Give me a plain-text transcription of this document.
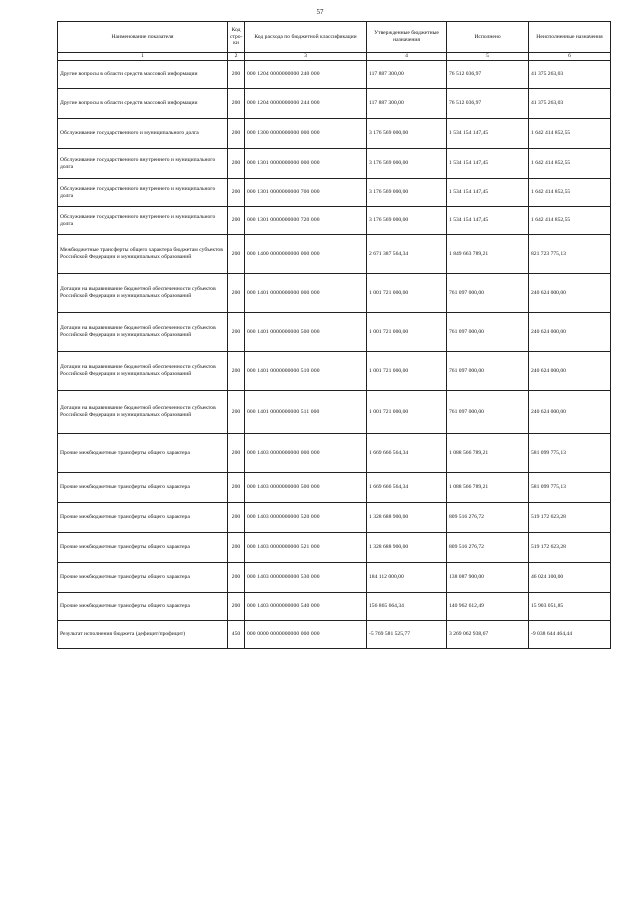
57
Наименование показателя	Код стро-ки	Код расхода по бюджетной классификации	Утвержденные бюджетные назначения	Исполнено	Неисполненные назначения
1	2	3	4	5	6
Другие вопросы в области средств массовой информации	200	000 1204 0000000000 240 000	117 887 300,00	76 512 036,97	41 375 263,03
Другие вопросы в области средств массовой информации	200	000 1204 0000000000 244 000	117 887 300,00	76 512 036,97	41 375 263,03
Обслуживание государственного и муниципального долга	200	000 1300 0000000000 000 000	3 176 569 000,00	1 534 154 147,45	1 642 414 852,55
Обслуживание государственного внутреннего и муниципального долга	200	000 1301 0000000000 000 000	3 176 569 000,00	1 534 154 147,45	1 642 414 852,55
Обслуживание государственного внутреннего и муниципального долга	200	000 1301 0000000000 700 000	3 176 569 000,00	1 534 154 147,45	1 642 414 852,55
Обслуживание государственного внутреннего и муниципального долга	200	000 1301 0000000000 720 000	3 176 569 000,00	1 534 154 147,45	1 642 414 852,55
Межбюджетные трансферты общего характера бюджетам субъектов Российской Федерации и муниципальных образований	200	000 1400 0000000000 000 000	2 671 387 564,34	1 849 663 789,21	821 723 775,13
Дотации на выравнивание бюджетной обеспеченности субъектов Российской Федерации и муниципальных образований	200	000 1401 0000000000 000 000	1 001 721 000,00	761 097 000,00	240 624 000,00
Дотации на выравнивание бюджетной обеспеченности субъектов Российской Федерации и муниципальных образований	200	000 1401 0000000000 500 000	1 001 721 000,00	761 097 000,00	240 624 000,00
Дотации на выравнивание бюджетной обеспеченности субъектов Российской Федерации и муниципальных образований	200	000 1401 0000000000 510 000	1 001 721 000,00	761 097 000,00	240 624 000,00
Дотации на выравнивание бюджетной обеспеченности субъектов Российской Федерации и муниципальных образований	200	000 1401 0000000000 511 000	1 001 721 000,00	761 097 000,00	240 624 000,00
Прочие межбюджетные трансферты общего характера	200	000 1403 0000000000 000 000	1 669 666 564,34	1 088 566 789,21	581 099 775,13
Прочие межбюджетные трансферты общего характера	200	000 1403 0000000000 500 000	1 669 666 564,34	1 088 566 789,21	581 099 775,13
Прочие межбюджетные трансферты общего характера	200	000 1403 0000000000 520 000	1 328 688 900,00	809 516 276,72	519 172 623,28
Прочие межбюджетные трансферты общего характера	200	000 1403 0000000000 521 000	1 328 688 900,00	809 516 276,72	519 172 623,28
Прочие межбюджетные трансферты общего характера	200	000 1403 0000000000 530 000	184 112 000,00	138 087 900,00	46 024 100,00
Прочие межбюджетные трансферты общего характера	200	000 1403 0000000000 540 000	156 865 664,34	140 962 612,49	15 903 051,85
Результат исполнения бюджета (дефицит/профицит)	450	000 0000 0000000000 000 000	-5 769 581 525,77	3 269 062 938,67	-9 038 644 464,44
